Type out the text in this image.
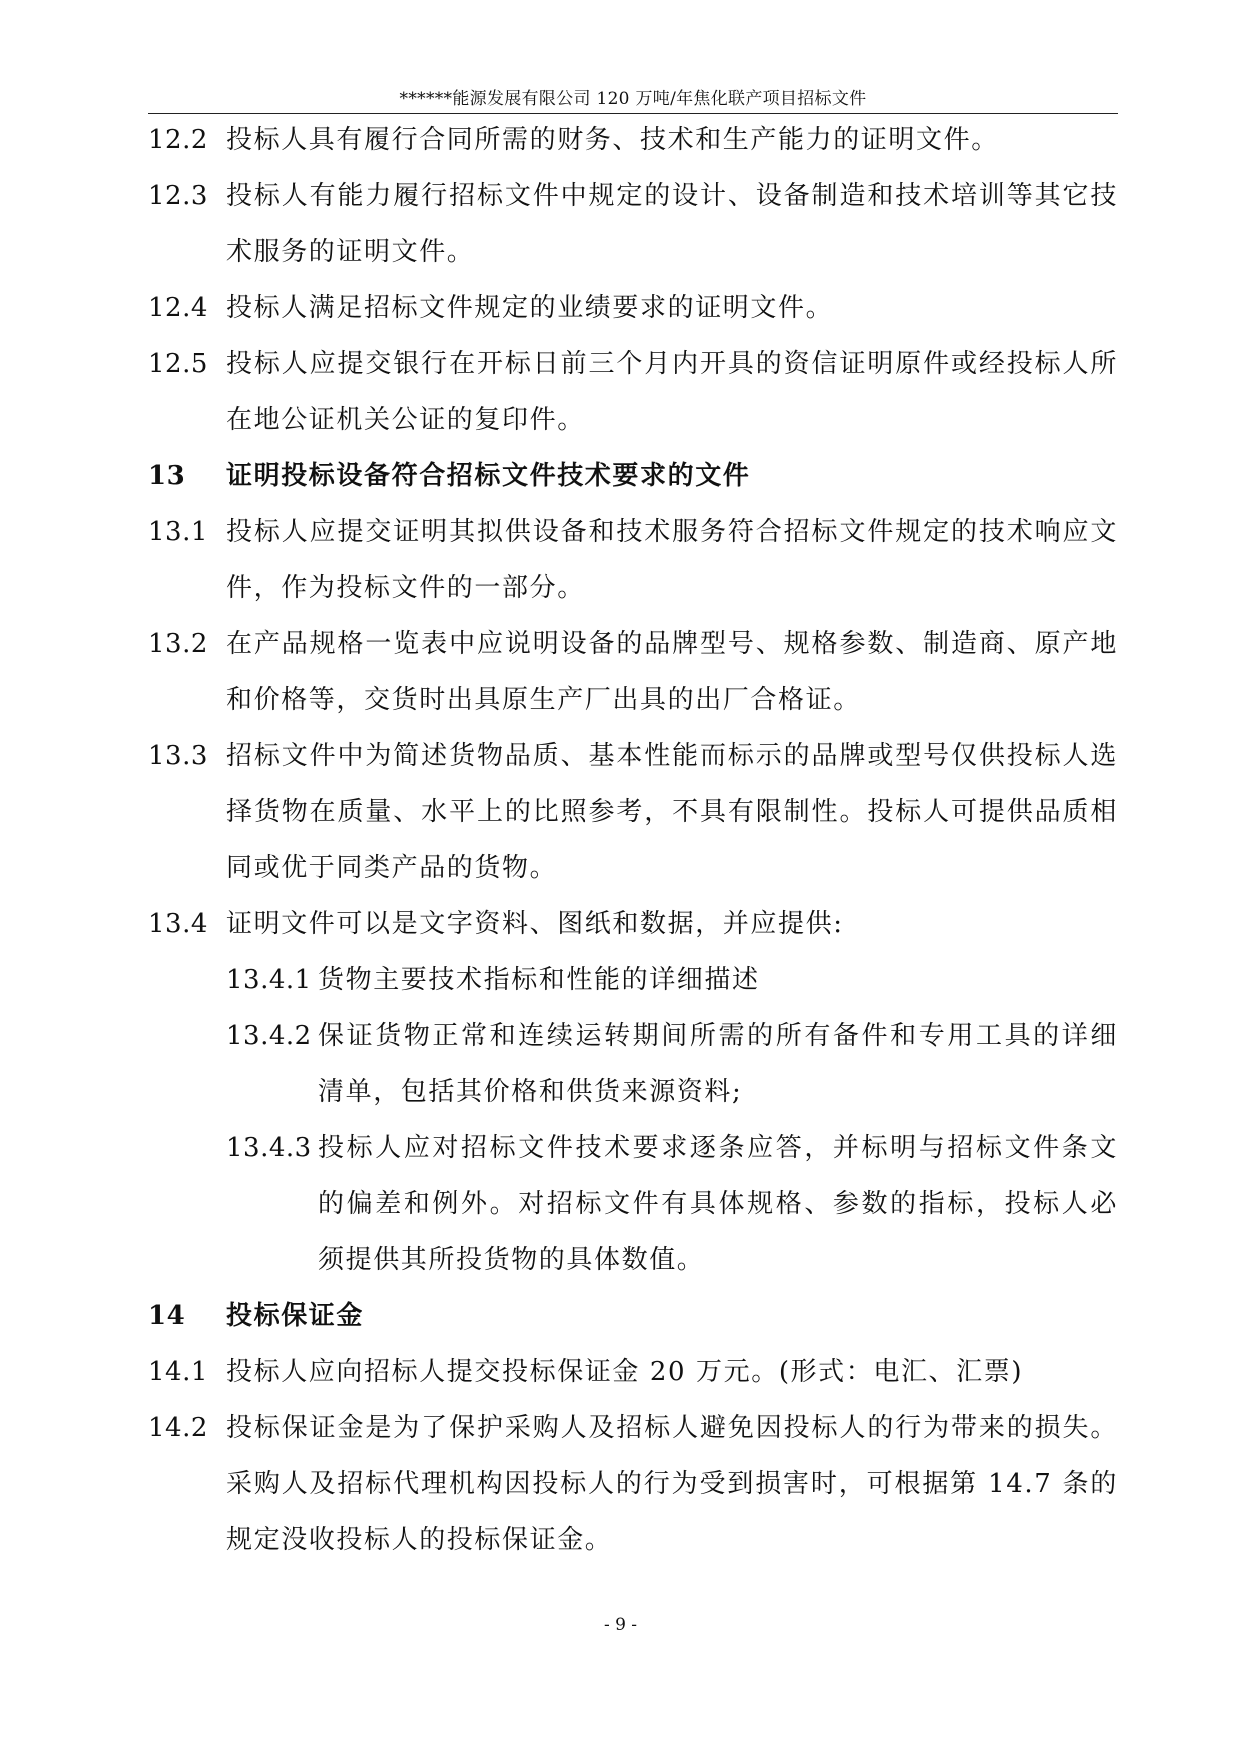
******能源发展有限公司 120 万吨/年焦化联产项目招标文件
12.2 投标人具有履行合同所需的财务、技术和生产能力的证明文件。
12.3 投标人有能力履行招标文件中规定的设计、设备制造和技术培训等其它技术服务的证明文件。
12.4 投标人满足招标文件规定的业绩要求的证明文件。
12.5 投标人应提交银行在开标日前三个月内开具的资信证明原件或经投标人所在地公证机关公证的复印件。
13	证明投标设备符合招标文件技术要求的文件
13.1 投标人应提交证明其拟供设备和技术服务符合招标文件规定的技术响应文件，作为投标文件的一部分。
13.2 在产品规格一览表中应说明设备的品牌型号、规格参数、制造商、原产地和价格等，交货时出具原生产厂出具的出厂合格证。
13.3 招标文件中为简述货物品质、基本性能而标示的品牌或型号仅供投标人选择货物在质量、水平上的比照参考，不具有限制性。投标人可提供品质相同或优于同类产品的货物。
13.4 证明文件可以是文字资料、图纸和数据，并应提供:
13.4.1 货物主要技术指标和性能的详细描述
13.4.2 保证货物正常和连续运转期间所需的所有备件和专用工具的详细清单，包括其价格和供货来源资料;
13.4.3 投标人应对招标文件技术要求逐条应答，并标明与招标文件条文的偏差和例外。对招标文件有具体规格、参数的指标，投标人必须提供其所投货物的具体数值。
14	投标保证金
14.1 投标人应向招标人提交投标保证金 20 万元。(形式：电汇、汇票)
14.2 投标保证金是为了保护采购人及招标人避免因投标人的行为带来的损失。采购人及招标代理机构因投标人的行为受到损害时，可根据第 14.7 条的规定没收投标人的投标保证金。
- 9 -
